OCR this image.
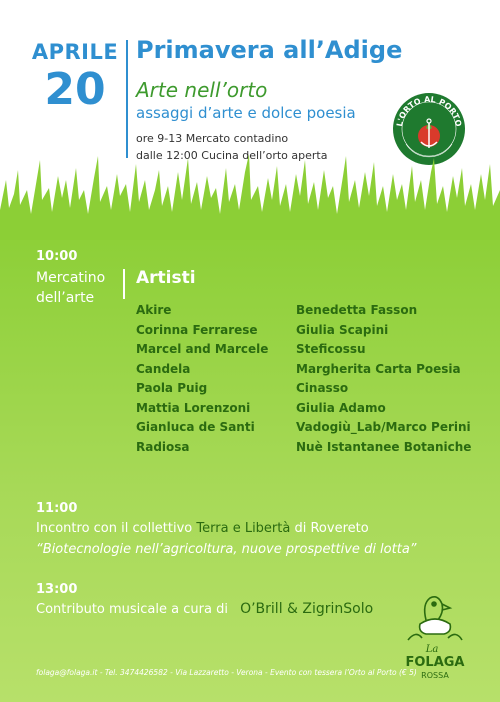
APRILE
20
Primavera all’Adige
Arte nell’orto
assaggi d’arte e dolce poesia
ore 9-13 Mercato contadino
dalle 12:00 Cucina dell’orto aperta
L'ORTO AL PORTO
10:00
Mercatino
dell’arte
Artisti
Akire
Corinna Ferrarese
Marcel and Marcele
Candela
Paola Puig
Mattia Lorenzoni
Gianluca de Santi
Radiosa
Benedetta Fasson
Giulia Scapini
Steficossu
Margherita Carta Poesia
Cinasso
Giulia Adamo
Vadogiù_Lab/Marco Perini
Nuè Istantanee Botaniche
11:00
Incontro con il collettivo Terra e Libertà di Rovereto
“Biotecnologie nell’agricoltura, nuove prospettive di lotta”
13:00
Contributo musicale a cura di O’Brill & ZigrinSolo
folaga@folaga.it - Tel. 3474426582 - Via Lazzaretto - Verona - Evento con tessera l’Orto al Porto (€ 5)
La
FOLAGA
ROSSA
